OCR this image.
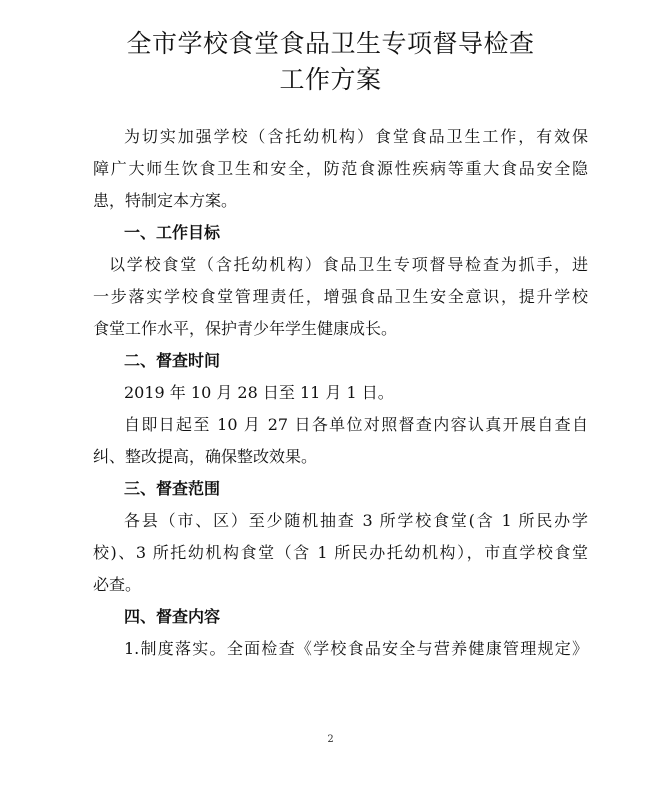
全市学校食堂食品卫生专项督导检查
工作方案

为切实加强学校（含托幼机构）食堂食品卫生工作，有效保

障广大师生饮食卫生和安全，防范食源性疾病等重大食品安全隐

患，特制定本方案。

一、工作目标

以学校食堂（含托幼机构）食品卫生专项督导检查为抓手，进

一步落实学校食堂管理责任，增强食品卫生安全意识，提升学校

食堂工作水平，保护青少年学生健康成长。

二、督查时间

2019 年 10 月 28 日至 11 月 1 日。

自即日起至 10 月 27 日各单位对照督查内容认真开展自查自

纠、整改提高，确保整改效果。

三、督查范围

各县（市、区）至少随机抽查 3 所学校食堂(含 1 所民办学

校)、3 所托幼机构食堂（含 1 所民办托幼机构），市直学校食堂

必查。

四、督查内容

1.制度落实。全面检查《学校食品安全与营养健康管理规定》

2
